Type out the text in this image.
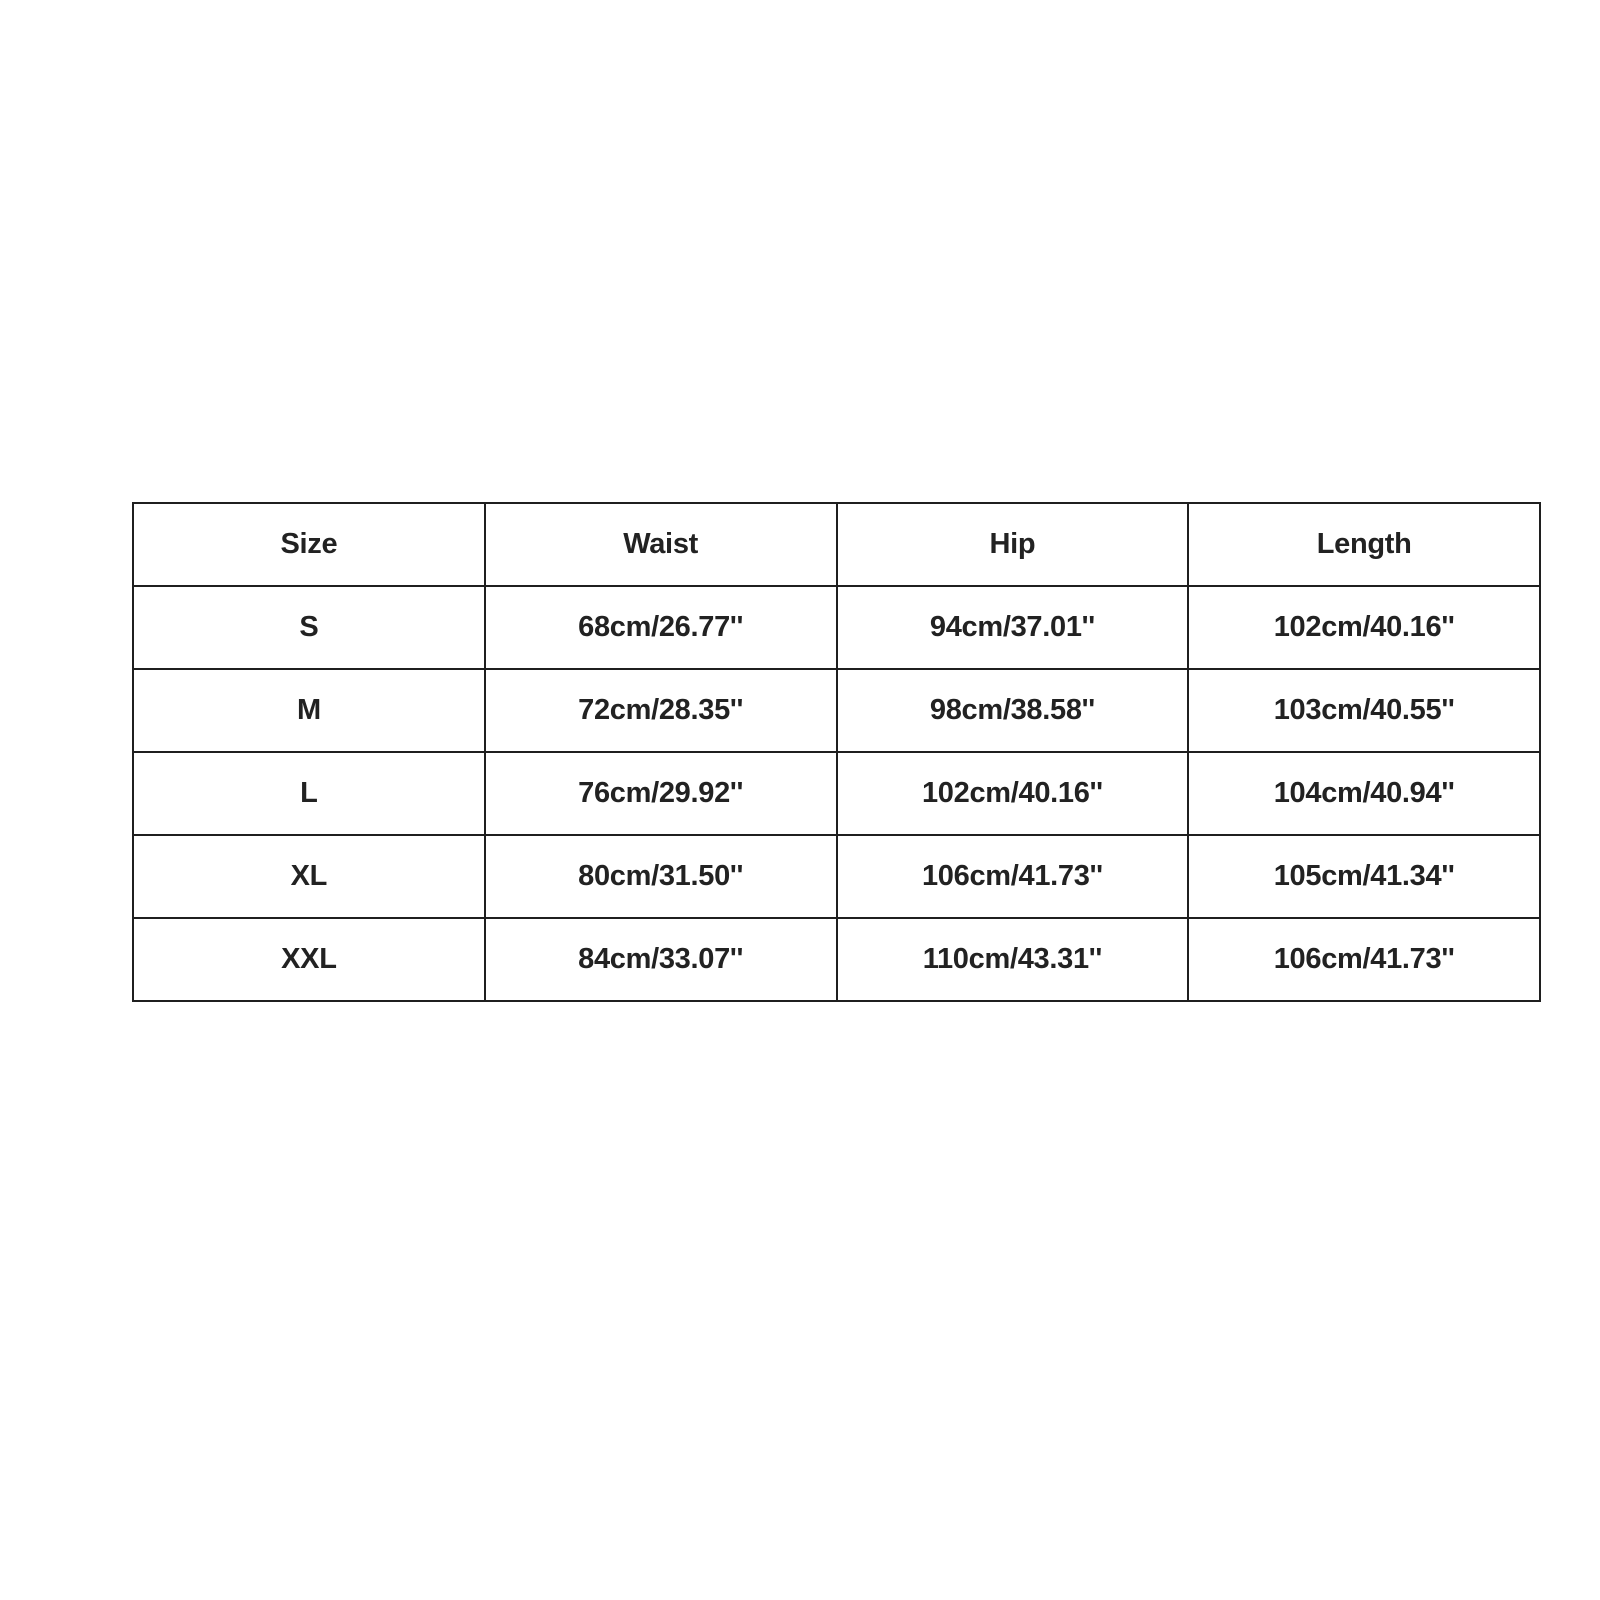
Size	Waist	Hip	Length
S	68cm/26.77''	94cm/37.01''	102cm/40.16''
M	72cm/28.35''	98cm/38.58''	103cm/40.55''
L	76cm/29.92''	102cm/40.16''	104cm/40.94''
XL	80cm/31.50''	106cm/41.73''	105cm/41.34''
XXL	84cm/33.07''	110cm/43.31''	106cm/41.73''
